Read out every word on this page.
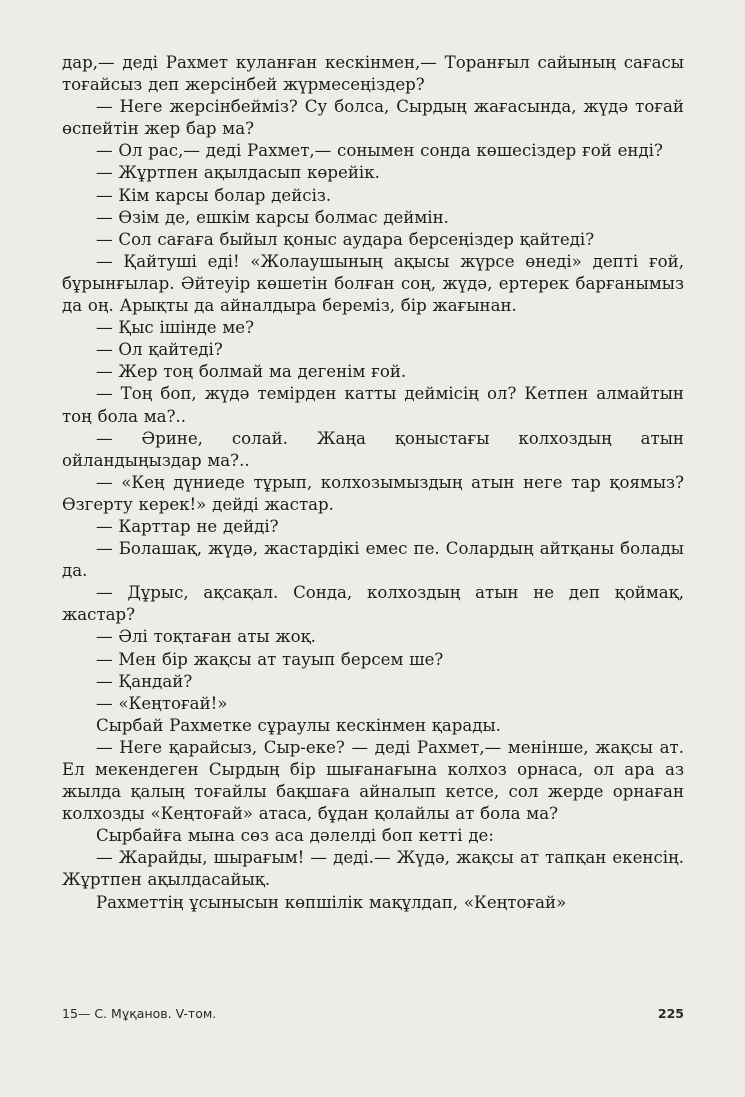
дар,— деді Рахмет куланған кескінмен,— Торанғыл сайының сағасы тоғайсыз деп жерсінбей жүрмесеңіздер?

— Неге жерсінбейміз? Су болса, Сырдың жағасында, жүдә тоғай өспейтін жер бар ма?

— Ол рас,— деді Рахмет,— сонымен сонда көшесіздер ғой енді?

— Жұртпен ақылдасып көрейік.

— Кім карсы болар дейсіз.

— Өзім де, ешкім карсы болмас деймін.

— Сол сағаға быйыл қоныс аудара берсеңіздер қайтеді?

— Қайтуші еді! «Жолаушының ақысы жүрсе өнеді» депті ғой, бұрынғылар. Әйтеуір көшетін болған соң, жүдә, ертерек барғанымыз да оң. Арықты да айналдыра беремiз, бір жағынан.

— Қыс ішінде ме?

— Ол қайтеді?

— Жер тоң болмай ма дегенім ғой.

— Тоң боп, жүдә темірден катты деймісің ол? Кетпен алмайтын тоң бола ма?..

— Әрине, солай. Жаңа қоныстағы колхоздың атын ойландыңыздар ма?..

— «Кең дүниеде тұрып, колхозымыздың атын неге тар қоямыз? Өзгерту керек!» дейді жастар.

— Карттар не дейді?

— Болашақ, жүдә, жастардікі емес пе. Солардың айтқаны болады да.

— Дұрыс, ақсақал. Сонда, колхоздың атын не деп қоймақ, жастар?

— Әлі тоқтаған аты жоқ.

— Мен бір жақсы ат тауып берсем ше?

— Қандай?

— «Кеңтоғай!»

Сырбай Рахметке сұраулы кескінмен қарады.

— Неге қарайсыз, Сыр-еке? — деді Рахмет,— менінше, жақсы ат. Ел мекендеген Сырдың бір шығанағына колхоз орнаса, ол ара аз жылда қалың тоғайлы бақшаға айналып кетсе, сол жерде орнаған колхозды «Кеңтоғай» атаса, бұдан қолайлы ат бола ма?

Сырбайға мына сөз аса дәлелді боп кетті де:

— Жарайды, шырағым! — деді.— Жүдә, жақсы ат тапқан екенсің. Жұртпен ақылдасайық.

Рахметтің ұсынысын көпшілік мақұлдап, «Кеңтоғай»

15— С. Мұқанов. V-том.	225
